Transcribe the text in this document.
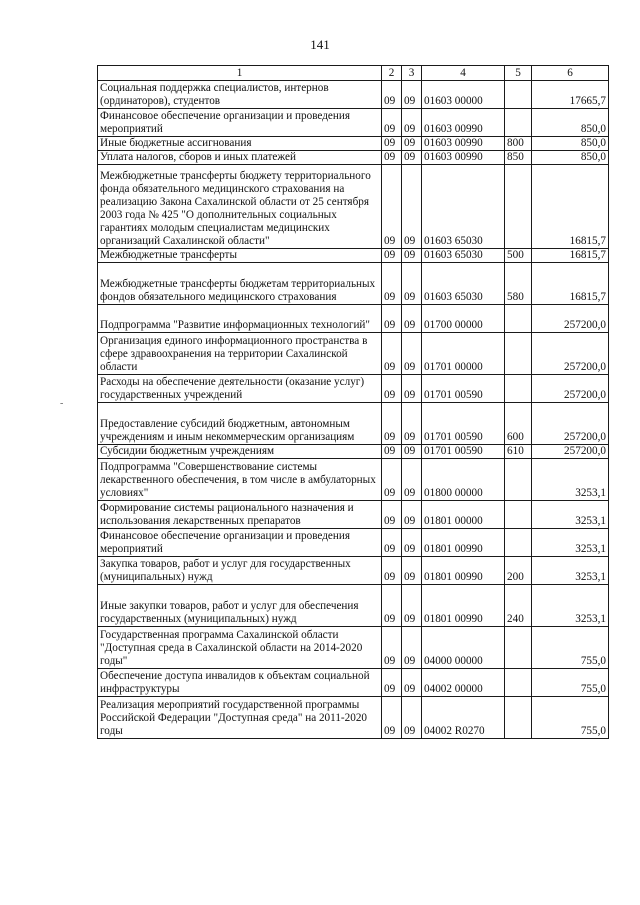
141
-
1	2	3	4	5	6
Социальная поддержка специалистов, интернов (ординаторов), студентов	09	09	01603 00000		17665,7
Финансовое обеспечение организации и проведения мероприятий	09	09	01603 00990		850,0
Иные бюджетные ассигнования	09	09	01603 00990	800	850,0
Уплата налогов, сборов и иных платежей	09	09	01603 00990	850	850,0
Межбюджетные трансферты бюджету территориального фонда обязательного медицинского страхования на реализацию Закона Сахалинской области от 25 сентября 2003 года № 425 "О дополнительных социальных гарантиях молодым специалистам медицинских организаций Сахалинской области"	09	09	01603 65030		16815,7
Межбюджетные трансферты	09	09	01603 65030	500	16815,7
Межбюджетные трансферты бюджетам территориальных фондов обязательного медицинского страхования	09	09	01603 65030	580	16815,7
Подпрограмма "Развитие информационных технологий"	09	09	01700 00000		257200,0
Организация единого информационного пространства в сфере здравоохранения на территории Сахалинской области	09	09	01701 00000		257200,0
Расходы на обеспечение деятельности (оказание услуг) государственных учреждений	09	09	01701 00590		257200,0
Предоставление субсидий бюджетным, автономным учреждениям и иным некоммерческим организациям	09	09	01701 00590	600	257200,0
Субсидии бюджетным учреждениям	09	09	01701 00590	610	257200,0
Подпрограмма "Совершенствование системы лекарственного обеспечения, в том числе в амбулаторных условиях"	09	09	01800 00000		3253,1
Формирование системы рационального назначения и использования лекарственных препаратов	09	09	01801 00000		3253,1
Финансовое обеспечение организации и проведения мероприятий	09	09	01801 00990		3253,1
Закупка товаров, работ и услуг для государственных (муниципальных) нужд	09	09	01801 00990	200	3253,1
Иные закупки товаров, работ и услуг для обеспечения государственных (муниципальных) нужд	09	09	01801 00990	240	3253,1
Государственная программа Сахалинской области "Доступная среда в Сахалинской области на 2014-2020 годы"	09	09	04000 00000		755,0
Обеспечение доступа инвалидов к объектам социальной инфраструктуры	09	09	04002 00000		755,0
Реализация мероприятий государственной программы Российской Федерации "Доступная среда" на 2011-2020 годы	09	09	04002 R0270		755,0
